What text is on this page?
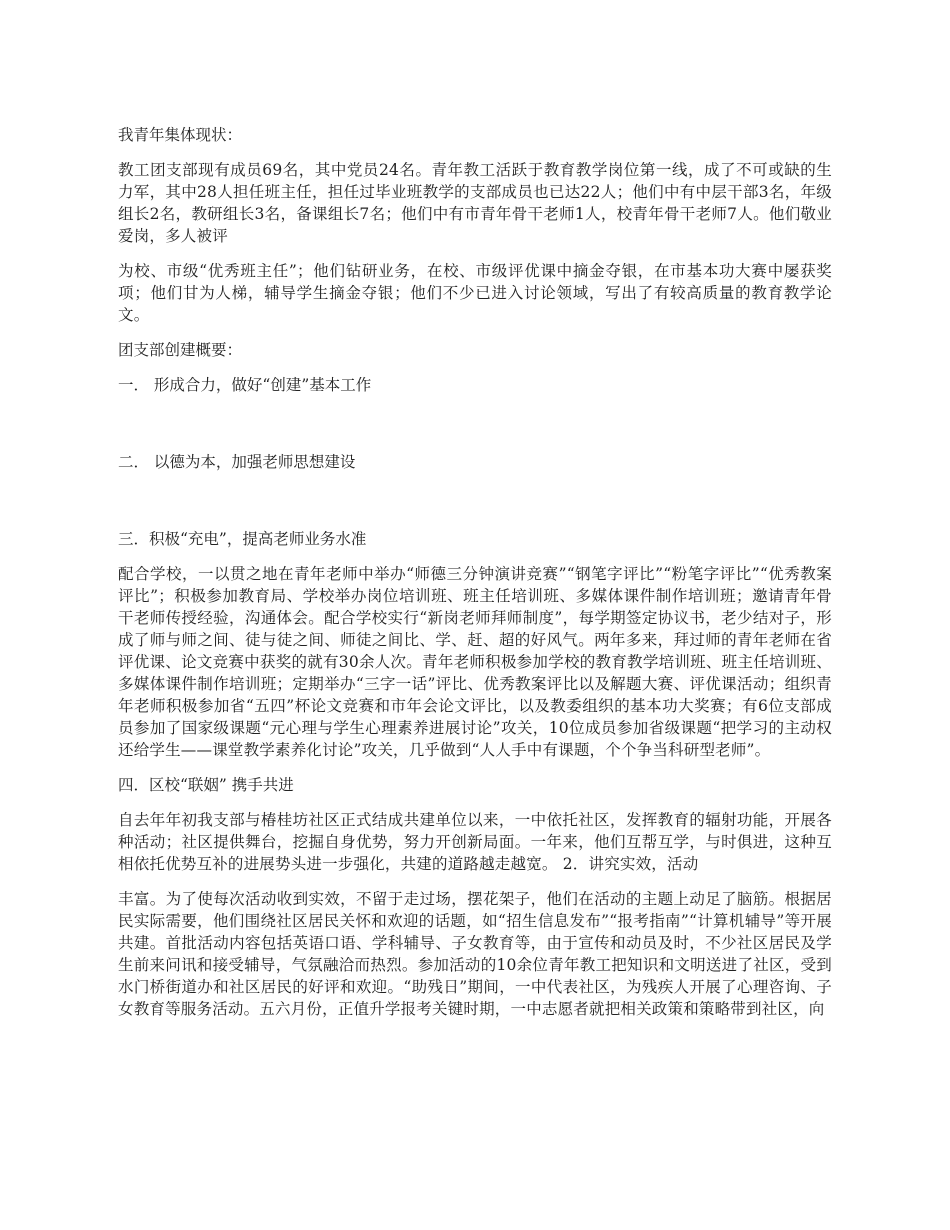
我青年集体现状：

教工团支部现有成员69名，其中党员24名。青年教工活跃于教育教学岗位第一线，成了不可或缺的生力军，其中28人担任班主任，担任过毕业班教学的支部成员也已达22人；他们中有中层干部3名，年级组长2名，教研组长3名，备课组长7名；他们中有市青年骨干老师1人，校青年骨干老师7人。他们敬业爱岗，多人被评

为校、市级“优秀班主任”；他们钻研业务，在校、市级评优课中摘金夺银，在市基本功大赛中屡获奖项；他们甘为人梯，辅导学生摘金夺银；他们不少已进入讨论领域，写出了有较高质量的教育教学论文。

团支部创建概要：

一． 形成合力，做好“创建”基本工作

二． 以德为本，加强老师思想建设

三．积极“充电”，提高老师业务水准

配合学校，一以贯之地在青年老师中举办“师德三分钟演讲竞赛”“钢笔字评比”“粉笔字评比”“优秀教案评比”；积极参加教育局、学校举办岗位培训班、班主任培训班、多媒体课件制作培训班；邀请青年骨干老师传授经验，沟通体会。配合学校实行“新岗老师拜师制度”，每学期签定协议书，老少结对子，形成了师与师之间、徒与徒之间、师徒之间比、学、赶、超的好风气。两年多来，拜过师的青年老师在省评优课、论文竞赛中获奖的就有30余人次。青年老师积极参加学校的教育教学培训班、班主任培训班、多媒体课件制作培训班；定期举办“三字一话”评比、优秀教案评比以及解题大赛、评优课活动；组织青年老师积极参加省“五四”杯论文竞赛和市年会论文评比，以及教委组织的基本功大奖赛；有6位支部成员参加了国家级课题“元心理与学生心理素养进展讨论”攻关，10位成员参加省级课题“把学习的主动权还给学生——课堂教学素养化讨论”攻关，几乎做到“人人手中有课题，个个争当科研型老师”。

四．区校“联姻” 携手共进

自去年年初我支部与椿桂坊社区正式结成共建单位以来，一中依托社区，发挥教育的辐射功能，开展各种活动；社区提供舞台，挖掘自身优势，努力开创新局面。一年来，他们互帮互学，与时俱进，这种互相依托优势互补的进展势头进一步强化，共建的道路越走越宽。 2．讲究实效，活动

丰富。为了使每次活动收到实效，不留于走过场，摆花架子，他们在活动的主题上动足了脑筋。根据居民实际需要，他们围绕社区居民关怀和欢迎的话题，如“招生信息发布”“报考指南”“计算机辅导”等开展共建。首批活动内容包括英语口语、学科辅导、子女教育等，由于宣传和动员及时，不少社区居民及学生前来问讯和接受辅导，气氛融洽而热烈。参加活动的10余位青年教工把知识和文明送进了社区，受到水门桥街道办和社区居民的好评和欢迎。“助残日”期间，一中代表社区，为残疾人开展了心理咨询、子女教育等服务活动。五六月份，正值升学报考关键时期，一中志愿者就把相关政策和策略带到社区，向
